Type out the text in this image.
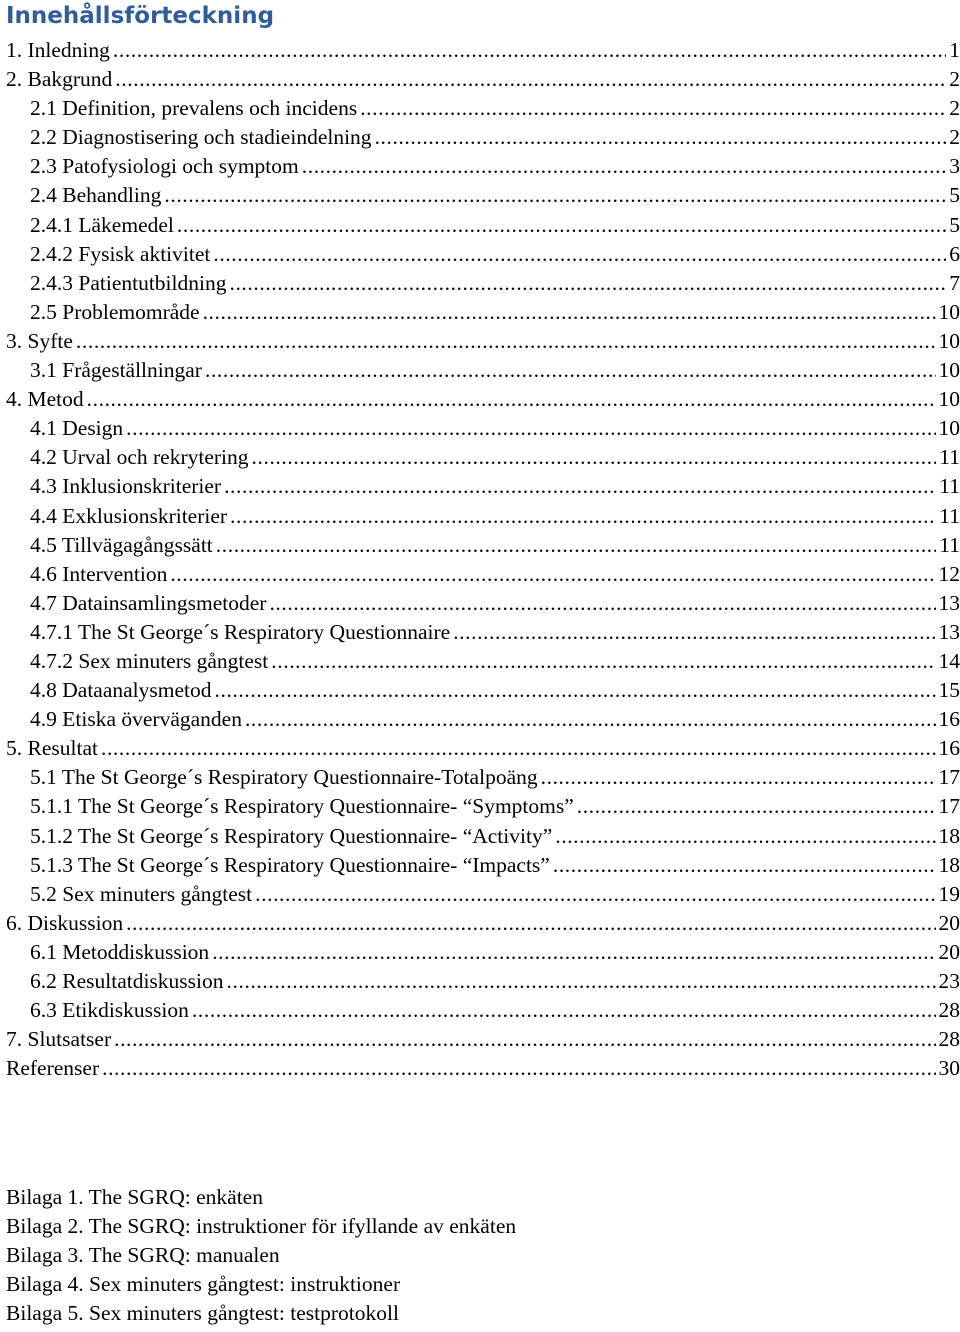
Innehållsförteckning
1. Inledning .....	1
2. Bakgrund .....	2
2.1 Definition, prevalens och incidens .....	2
2.2 Diagnostisering och stadieindelning .....	2
2.3 Patofysiologi och symptom .....	3
2.4 Behandling .....	5
2.4.1 Läkemedel .....	5
2.4.2 Fysisk aktivitet .....	6
2.4.3 Patientutbildning .....	7
2.5 Problemområde .....	10
3. Syfte .....	10
3.1 Frågeställningar .....	10
4. Metod .....	10
4.1 Design .....	10
4.2 Urval och rekrytering .....	11
4.3 Inklusionskriterier .....	11
4.4 Exklusionskriterier .....	11
4.5 Tillvägagångssätt .....	11
4.6 Intervention .....	12
4.7 Datainsamlingsmetoder .....	13
4.7.1 The St George´s Respiratory Questionnaire .....	13
4.7.2 Sex minuters gångtest .....	14
4.8 Dataanalysmetod .....	15
4.9 Etiska överväganden .....	16
5. Resultat .....	16
5.1 The St George´s Respiratory Questionnaire-Totalpoäng .....	17
5.1.1 The St George´s Respiratory Questionnaire- “Symptoms” .....	17
5.1.2 The St George´s Respiratory Questionnaire- “Activity” .....	18
5.1.3 The St George´s Respiratory Questionnaire- “Impacts” .....	18
5.2 Sex minuters gångtest .....	19
6. Diskussion .....	20
6.1 Metoddiskussion .....	20
6.2 Resultatdiskussion .....	23
6.3 Etikdiskussion .....	28
7. Slutsatser .....	28
Referenser .....	30
Bilaga 1. The SGRQ: enkäten
Bilaga 2. The SGRQ: instruktioner för ifyllande av enkäten
Bilaga 3. The SGRQ: manualen
Bilaga 4. Sex minuters gångtest: instruktioner
Bilaga 5. Sex minuters gångtest: testprotokoll
